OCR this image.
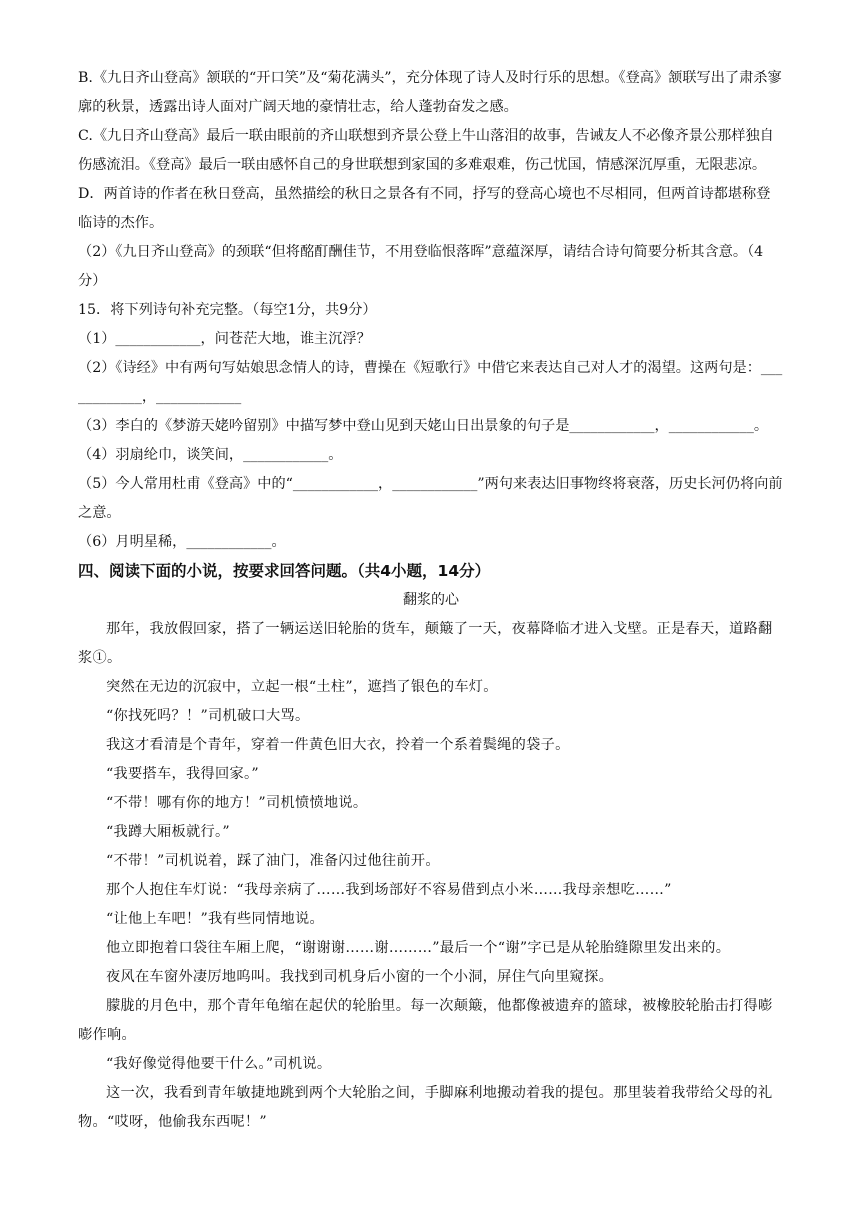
B.《九日齐山登高》颔联的“开口笑”及“菊花满头”，充分体现了诗人及时行乐的思想。《登高》颔联写出了肃杀寥廓的秋景，透露出诗人面对广阔天地的豪情壮志，给人蓬勃奋发之感。

C.《九日齐山登高》最后一联由眼前的齐山联想到齐景公登上牛山落泪的故事，告诫友人不必像齐景公那样独自伤感流泪。《登高》最后一联由感怀自己的身世联想到家国的多难艰难，伤己忧国，情感深沉厚重，无限悲凉。

D．两首诗的作者在秋日登高，虽然描绘的秋日之景各有不同，抒写的登高心境也不尽相同，但两首诗都堪称登临诗的杰作。

（2）《九日齐山登高》的颈联“但将酩酊酬佳节，不用登临恨落晖”意蕴深厚，请结合诗句简要分析其含意。（4分）

15．将下列诗句补充完整。（每空1分，共9分）

（1）____________，问苍茫大地，谁主沉浮？

（2）《诗经》中有两句写姑娘思念情人的诗，曹操在《短歌行》中借它来表达自己对人才的渴望。这两句是：____________，____________

（3）李白的《梦游天姥吟留别》中描写梦中登山见到天姥山日出景象的句子是____________，____________。

（4）羽扇纶巾，谈笑间，____________。

（5）今人常用杜甫《登高》中的“____________，____________”两句来表达旧事物终将衰落，历史长河仍将向前之意。

（6）月明星稀，____________。

四、阅读下面的小说，按要求回答问题。（共4小题，14分）

翻浆的心

那年，我放假回家，搭了一辆运送旧轮胎的货车，颠簸了一天，夜幕降临才进入戈壁。正是春天，道路翻浆①。

突然在无边的沉寂中，立起一根“土柱”，遮挡了银色的车灯。

“你找死吗？！”司机破口大骂。

我这才看清是个青年，穿着一件黄色旧大衣，拎着一个系着鬓绳的袋子。

“我要搭车，我得回家。”

“不带！哪有你的地方！”司机愤愤地说。

“我蹲大厢板就行。”

“不带！”司机说着，踩了油门，准备闪过他往前开。

那个人抱住车灯说：“我母亲病了……我到场部好不容易借到点小米……我母亲想吃……”

“让他上车吧！”我有些同情地说。

他立即抱着口袋往车厢上爬，“谢谢谢……谢………”最后一个“谢”字已是从轮胎缝隙里发出来的。

夜风在车窗外凄厉地呜叫。我找到司机身后小窗的一个小洞，屏住气向里窥探。

朦胧的月色中，那个青年龟缩在起伏的轮胎里。每一次颠簸，他都像被遗弃的篮球，被橡胶轮胎击打得嘭嘭作响。

“我好像觉得他要干什么。”司机说。

这一次，我看到青年敏捷地跳到两个大轮胎之间，手脚麻利地搬动着我的提包。那里装着我带给父母的礼物。“哎呀，他偷我东西呢！”
